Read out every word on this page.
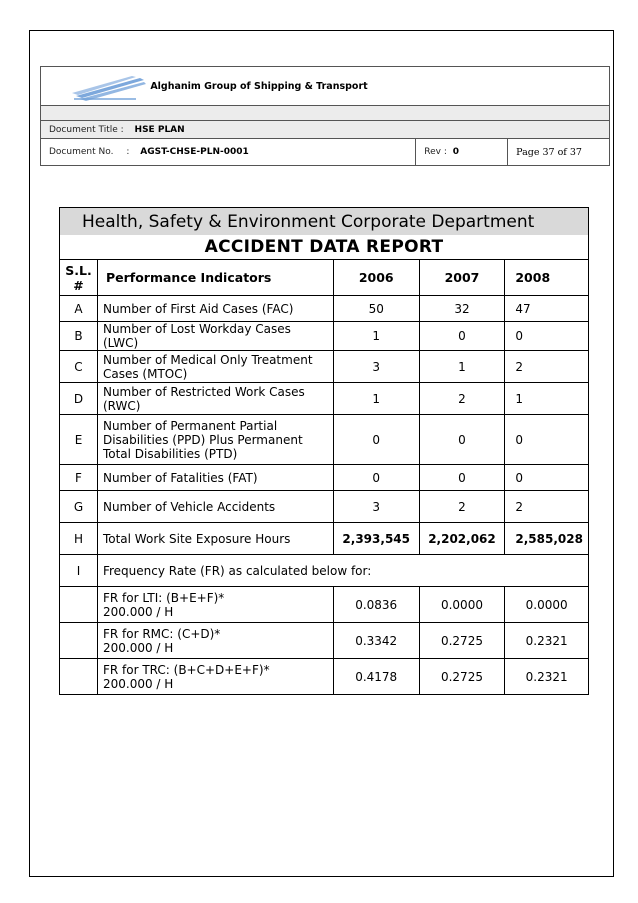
Alghanim Group of Shipping & Transport

Document Title : HSE PLAN
Document No. : AGST-CHSE-PLN-0001	Rev : 0	Page 37 of 37
Health, Safety & Environment Corporate Department				
ACCIDENT DATA REPORT				
S.L. #	Performance Indicators	2006	2007	2008
A	Number of First Aid Cases (FAC)	50	32	47
B	Number of Lost Workday Cases (LWC)	1	0	0
C	Number of Medical Only Treatment Cases (MTOC)	3	1	2
D	Number of Restricted Work Cases (RWC)	1	2	1
E	Number of Permanent Partial Disabilities (PPD) Plus Permanent Total Disabilities (PTD)	0	0	0
F	Number of Fatalities (FAT)	0	0	0
G	Number of Vehicle Accidents	3	2	2
H	Total Work Site Exposure Hours	2,393,545	2,202,062	2,585,028
I	Frequency Rate (FR) as calculated below for:			

	FR for LTI: (B+E+F)*
200.000 / H	0.0836	0.0000	0.0000

	FR for RMC: (C+D)*
200.000 / H	0.3342	0.2725	0.2321

	FR for TRC: (B+C+D+E+F)*
200.000 / H	0.4178	0.2725	0.2321
